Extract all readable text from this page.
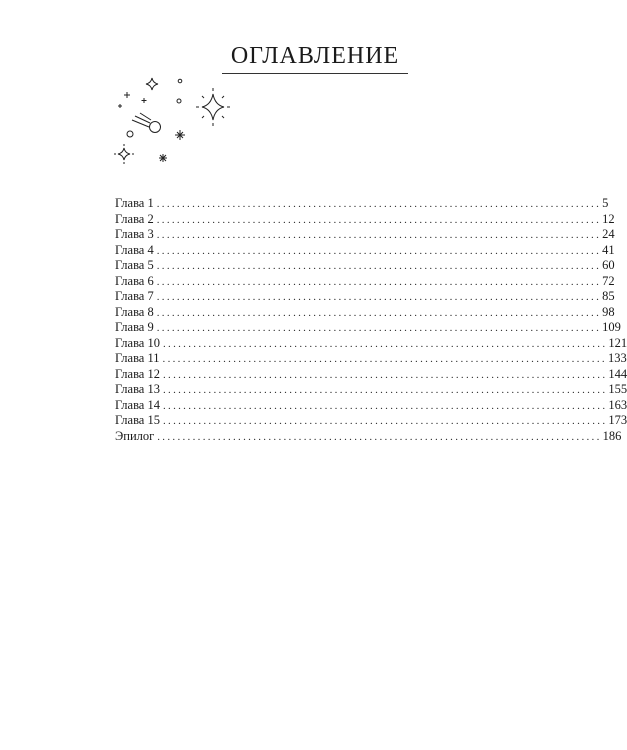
ОГЛАВЛЕНИЕ
Глава 1 ........................................................................................ 5
Глава 2 ........................................................................................ 12
Глава 3 ........................................................................................ 24
Глава 4 ........................................................................................ 41
Глава 5 ........................................................................................ 60
Глава 6 ........................................................................................ 72
Глава 7 ........................................................................................ 85
Глава 8 ........................................................................................ 98
Глава 9 ........................................................................................ 109
Глава 10 ........................................................................................ 121
Глава 11 ........................................................................................ 133
Глава 12 ........................................................................................ 144
Глава 13 ........................................................................................ 155
Глава 14 ........................................................................................ 163
Глава 15 ........................................................................................ 173
Эпилог ........................................................................................ 186
